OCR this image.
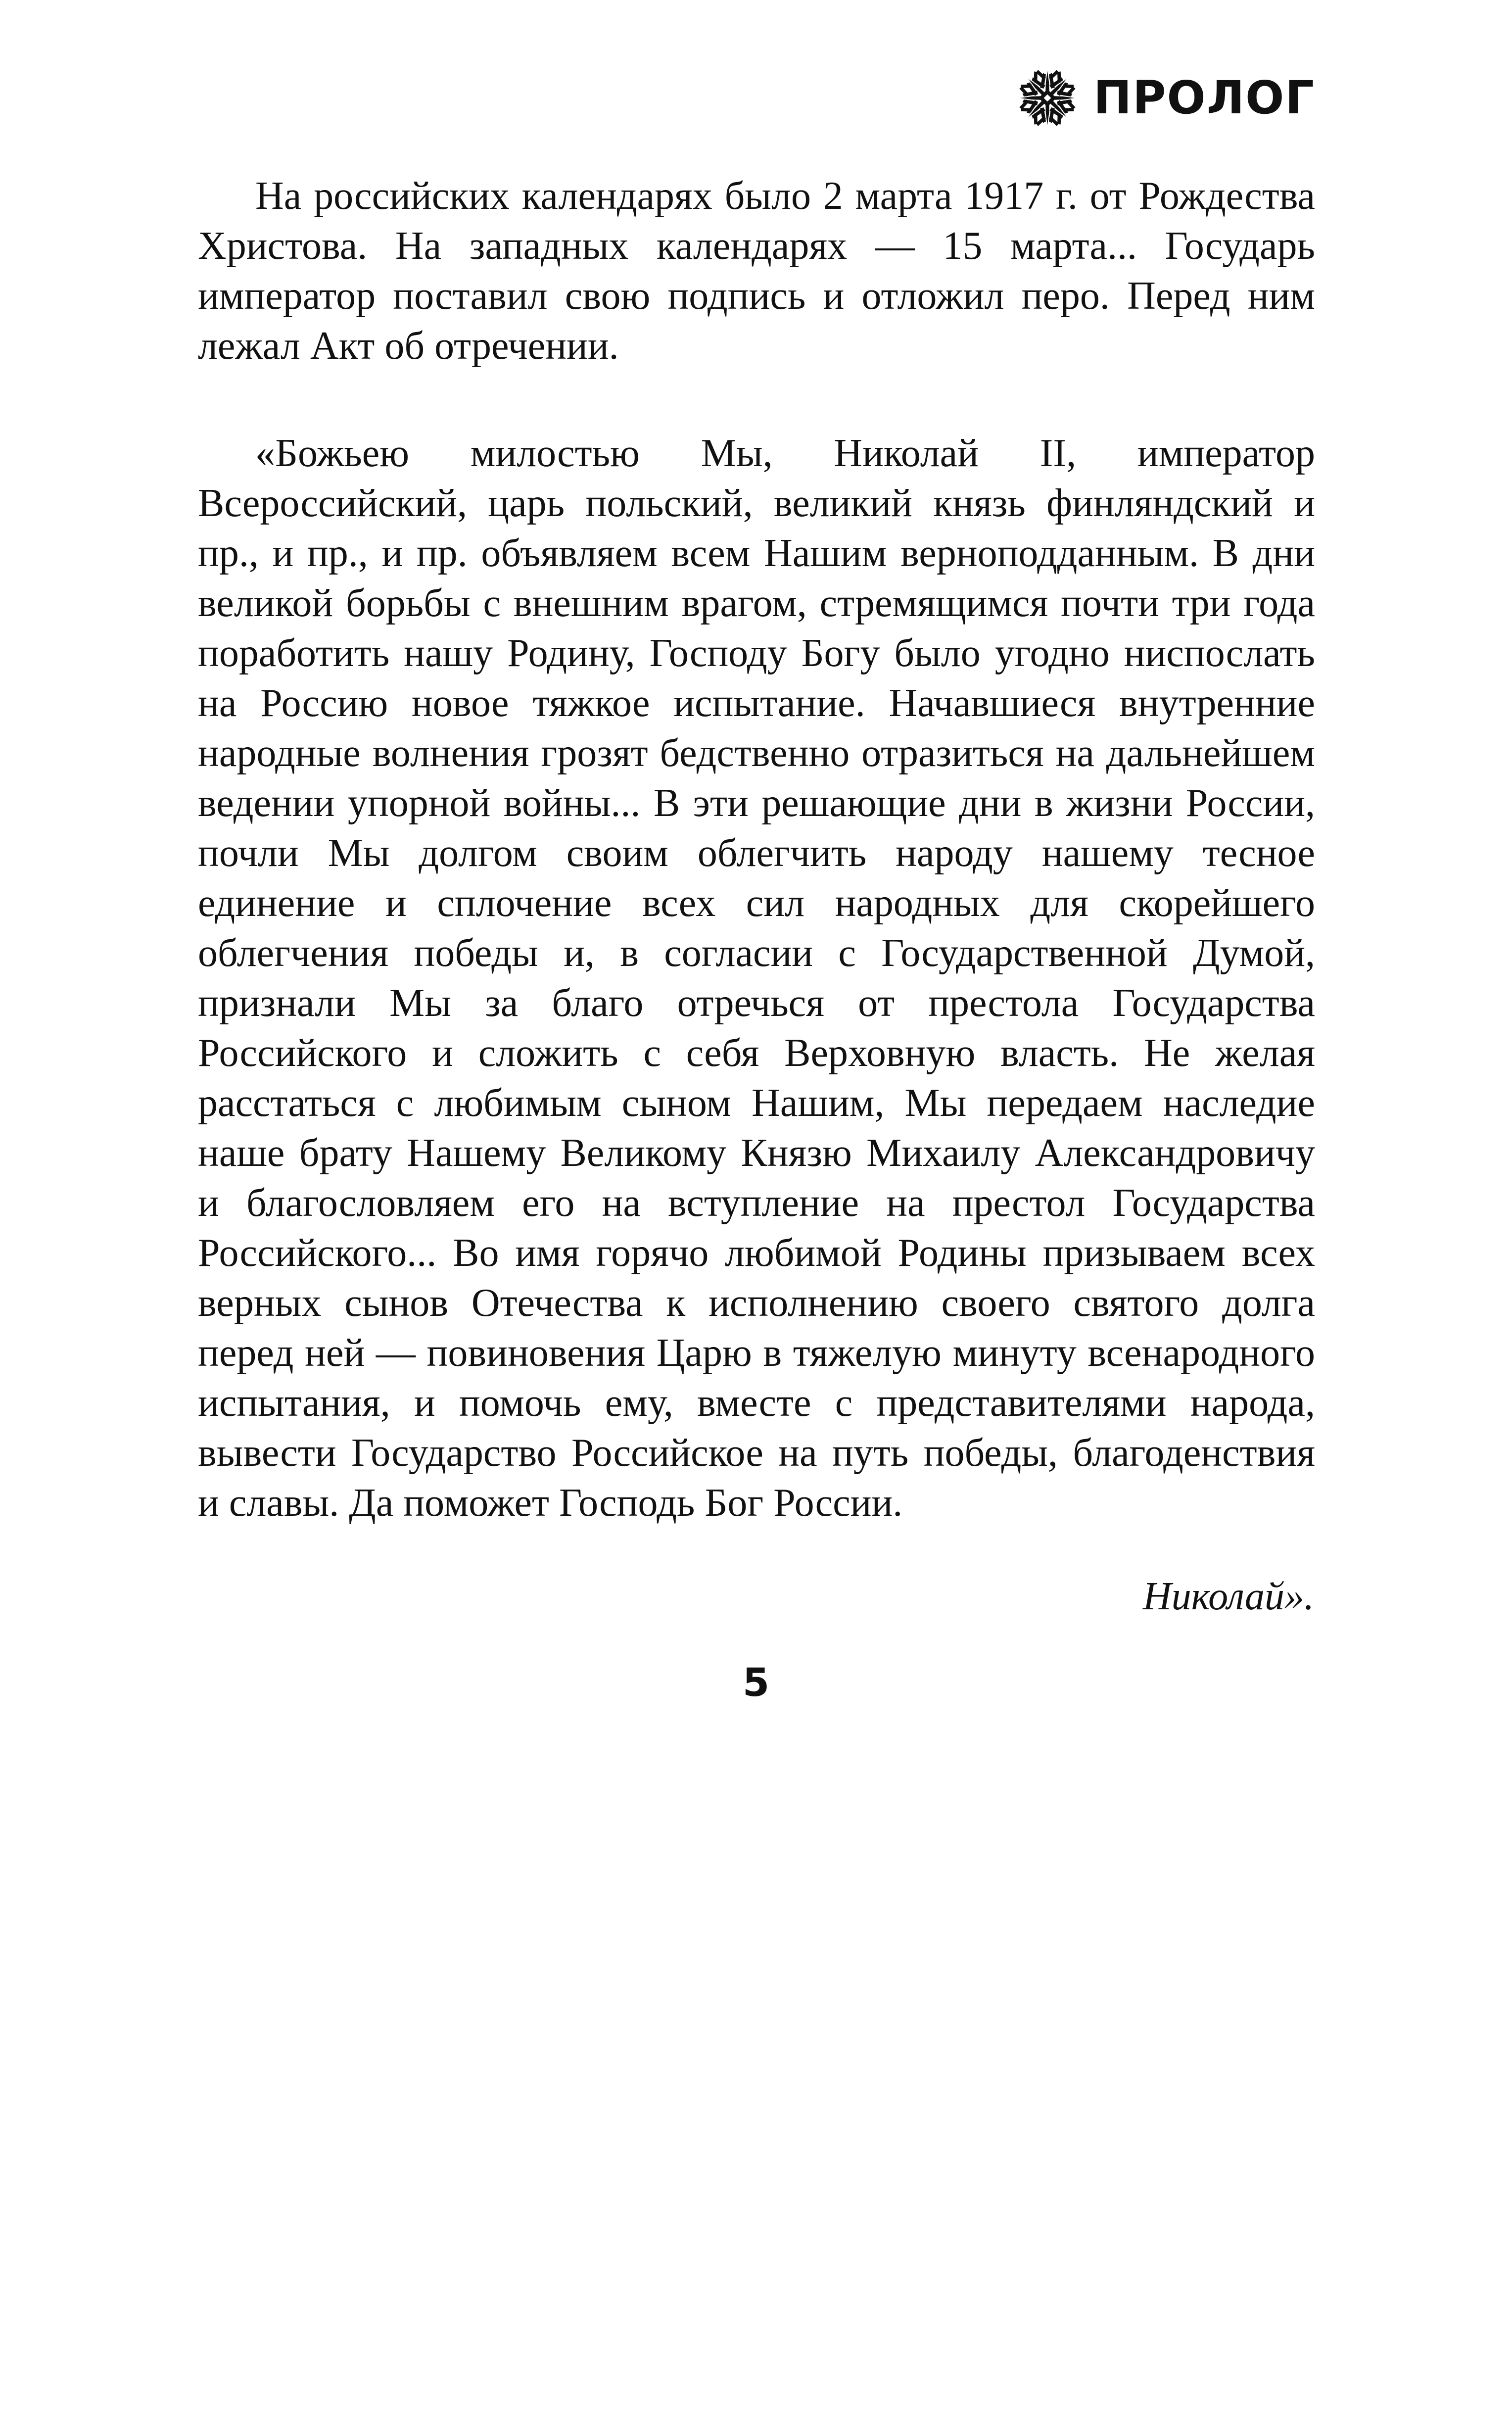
ПРОЛОГ

На российских календарях было 2 марта 1917 г. от Рождества Христова. На западных календарях — 15 марта... Государь император поставил свою подпись и отложил перо. Перед ним лежал Акт об отречении.

«Божьею милостью Мы, Николай II, император Всероссийский, царь польский, великий князь финляндский и пр., и пр., и пр. объявляем всем Нашим верноподданным. В дни великой борьбы с внешним врагом, стремящимся почти три года поработить нашу Родину, Господу Богу было угодно ниспослать на Россию новое тяжкое испытание. Начавшиеся внутренние народные волнения грозят бедственно отразиться на дальнейшем ведении упорной войны... В эти решающие дни в жизни России, почли Мы долгом своим облегчить народу нашему тесное единение и сплочение всех сил народных для скорейшего облегчения победы и, в согласии с Государственной Думой, признали Мы за благо отречься от престола Государства Российского и сложить с себя Верховную власть. Не желая расстаться с любимым сыном Нашим, Мы передаем наследие наше брату Нашему Великому Князю Михаилу Александровичу и благословляем его на вступление на престол Государства Российского... Во имя горячо любимой Родины призываем всех верных сынов Отечества к исполнению своего святого долга перед ней — повиновения Царю в тяжелую минуту всенародного испытания, и помочь ему, вместе с представителями народа, вывести Государство Российское на путь победы, благоденствия и славы. Да поможет Господь Бог России.

Николай».
5
